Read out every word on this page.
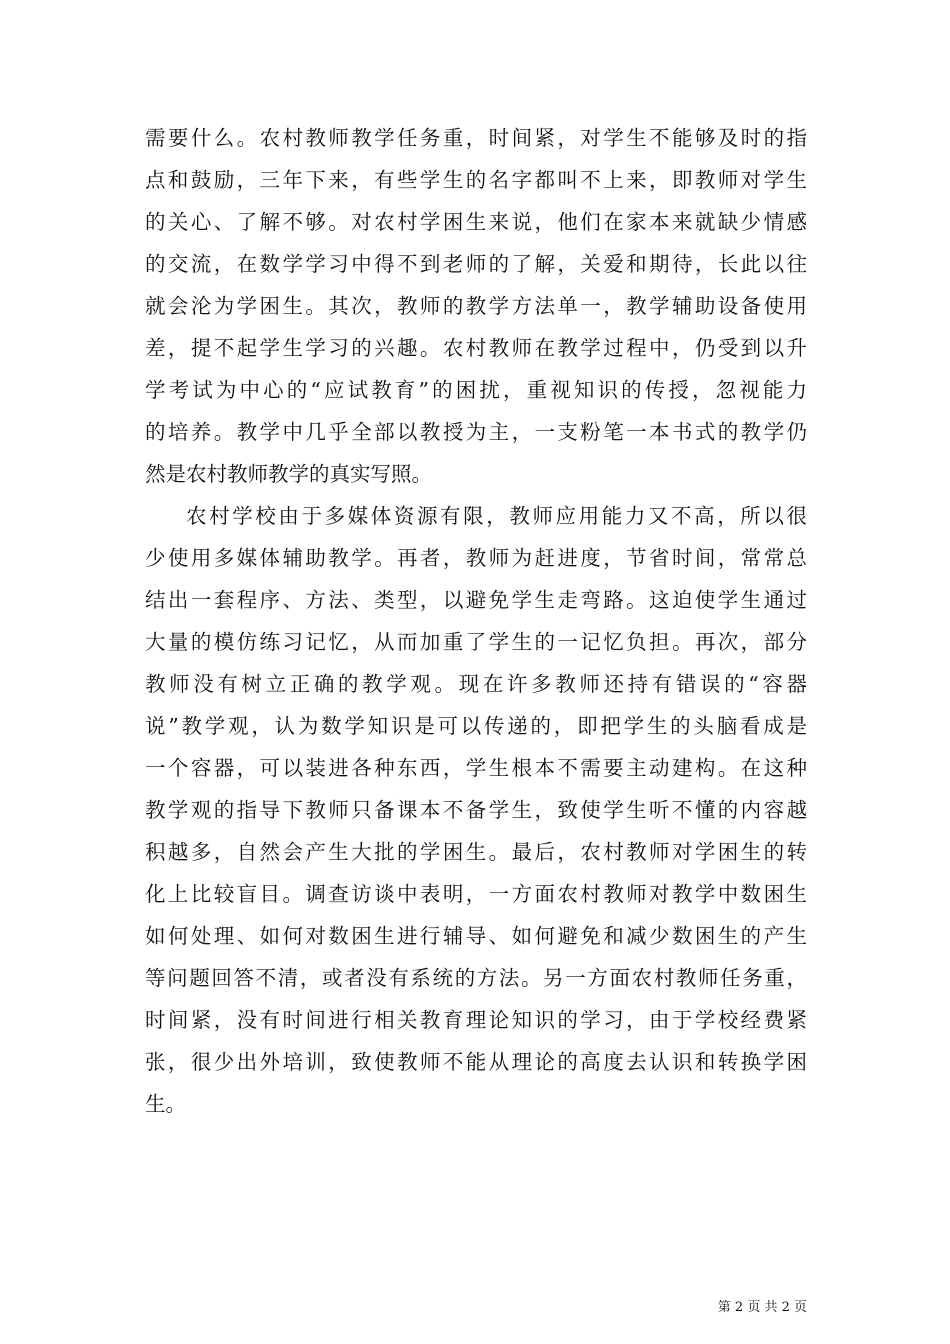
需要什么。农村教师教学任务重，时间紧，对学生不能够及时的指
点和鼓励，三年下来，有些学生的名字都叫不上来，即教师对学生
的关心、了解不够。对农村学困生来说，他们在家本来就缺少情感
的交流，在数学学习中得不到老师的了解，关爱和期待，长此以往
就会沦为学困生。其次，教师的教学方法单一，教学辅助设备使用
差，提不起学生学习的兴趣。农村教师在教学过程中，仍受到以升
学考试为中心的“应试教育”的困扰，重视知识的传授，忽视能力
的培养。教学中几乎全部以教授为主，一支粉笔一本书式的教学仍
然是农村教师教学的真实写照。
农村学校由于多媒体资源有限，教师应用能力又不高，所以很
少使用多媒体辅助教学。再者，教师为赶进度，节省时间，常常总
结出一套程序、方法、类型，以避免学生走弯路。这迫使学生通过
大量的模仿练习记忆，从而加重了学生的一记忆负担。再次，部分
教师没有树立正确的教学观。现在许多教师还持有错误的“容器
说”教学观，认为数学知识是可以传递的，即把学生的头脑看成是
一个容器，可以装进各种东西，学生根本不需要主动建构。在这种
教学观的指导下教师只备课本不备学生，致使学生听不懂的内容越
积越多，自然会产生大批的学困生。最后，农村教师对学困生的转
化上比较盲目。调查访谈中表明，一方面农村教师对教学中数困生
如何处理、如何对数困生进行辅导、如何避免和减少数困生的产生
等问题回答不清，或者没有系统的方法。另一方面农村教师任务重，
时间紧，没有时间进行相关教育理论知识的学习，由于学校经费紧
张，很少出外培训，致使教师不能从理论的高度去认识和转换学困
生。
第 2 页 共 2 页
